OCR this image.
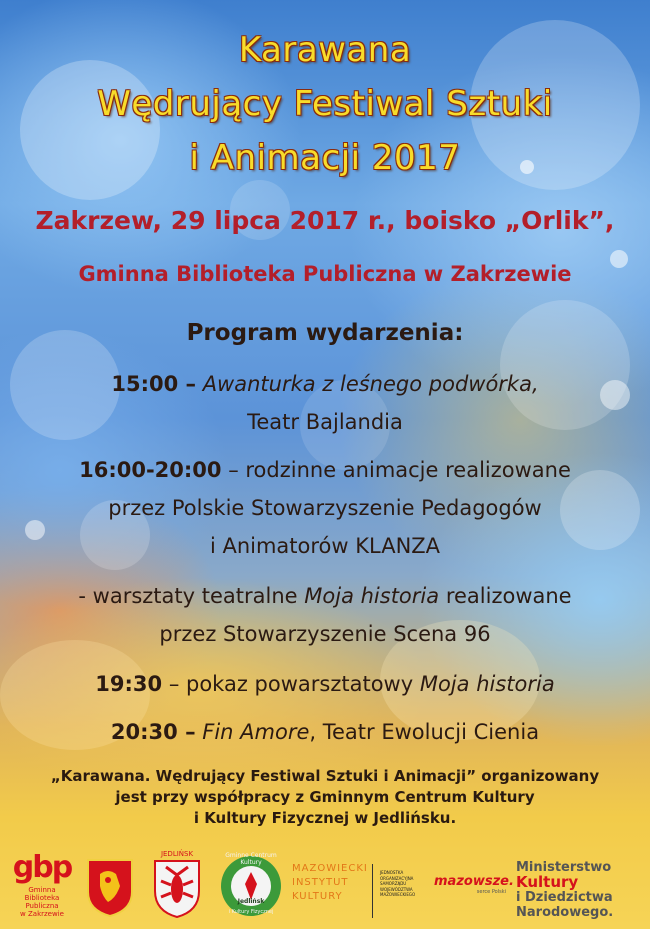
Karawana
Wędrujący Festiwal Sztuki
i Animacji 2017
Zakrzew, 29 lipca 2017 r., boisko „Orlik”,
Gminna Biblioteka Publiczna w Zakrzewie
Program wydarzenia:
15:00 – Awanturka z leśnego podwórka,
Teatr Bajlandia
16:00-20:00 – rodzinne animacje realizowane
przez Polskie Stowarzyszenie Pedagogów
i Animatorów KLANZA
- warsztaty teatralne Moja historia realizowane
przez Stowarzyszenie Scena 96
19:30 – pokaz powarsztatowy Moja historia
20:30 – Fin Amore, Teatr Ewolucji Cienia
„Karawana. Wędrujący Festiwal Sztuki i Animacji” organizowany
jest przy współpracy z Gminnym Centrum Kultury
i Kultury Fizycznej w Jedlińsku.
gbp
Gminna
Biblioteka Publiczna
w Zakrzewie
JEDLIŃSK	Gminne Centrum Kultury
Jedlińsk
i Kultury Fizycznej
MAZOWIECKI
INSTYTUT
KULTURY
JEDNOSTKA
ORGANIZACYJNA
SAMORZĄDU
WOJEWÓDZTWA
MAZOWIECKIEGO
mazowsze.
serce Polski
Ministerstwo
Kultury
i Dziedzictwa
Narodowego.
